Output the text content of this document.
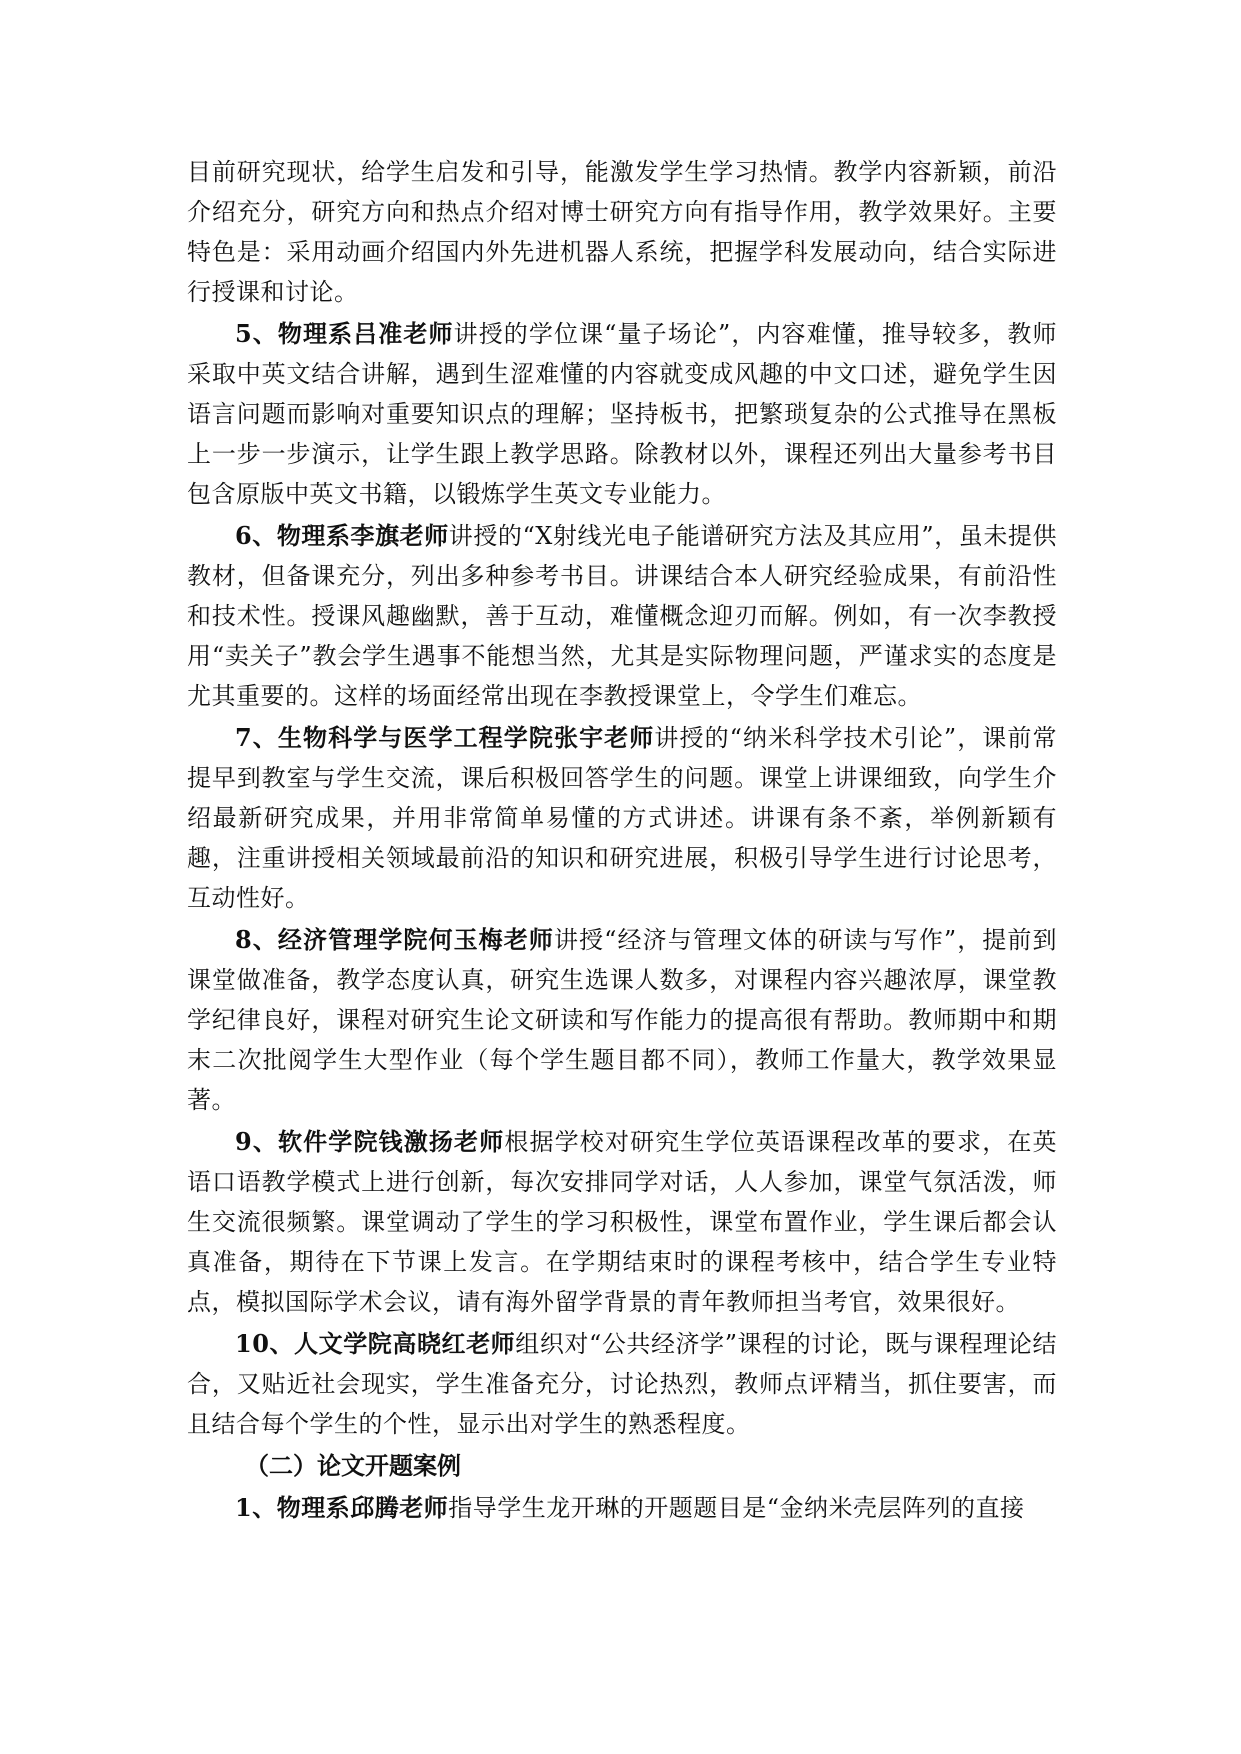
目前研究现状，给学生启发和引导，能激发学生学习热情。教学内容新颖，前沿介绍充分，研究方向和热点介绍对博士研究方向有指导作用，教学效果好。主要特色是：采用动画介绍国内外先进机器人系统，把握学科发展动向，结合实际进行授课和讨论。

5、物理系吕准老师讲授的学位课“量子场论”，内容难懂，推导较多，教师采取中英文结合讲解，遇到生涩难懂的内容就变成风趣的中文口述，避免学生因语言问题而影响对重要知识点的理解；坚持板书，把繁琐复杂的公式推导在黑板上一步一步演示，让学生跟上教学思路。除教材以外，课程还列出大量参考书目包含原版中英文书籍，以锻炼学生英文专业能力。

6、物理系李旗老师讲授的“X射线光电子能谱研究方法及其应用”，虽未提供教材，但备课充分，列出多种参考书目。讲课结合本人研究经验成果，有前沿性和技术性。授课风趣幽默，善于互动，难懂概念迎刃而解。例如，有一次李教授用“卖关子”教会学生遇事不能想当然，尤其是实际物理问题，严谨求实的态度是尤其重要的。这样的场面经常出现在李教授课堂上，令学生们难忘。

7、生物科学与医学工程学院张宇老师讲授的“纳米科学技术引论”，课前常提早到教室与学生交流，课后积极回答学生的问题。课堂上讲课细致，向学生介绍最新研究成果，并用非常简单易懂的方式讲述。讲课有条不紊，举例新颖有趣，注重讲授相关领域最前沿的知识和研究进展，积极引导学生进行讨论思考，互动性好。

8、经济管理学院何玉梅老师讲授“经济与管理文体的研读与写作”，提前到课堂做准备，教学态度认真，研究生选课人数多，对课程内容兴趣浓厚，课堂教学纪律良好，课程对研究生论文研读和写作能力的提高很有帮助。教师期中和期末二次批阅学生大型作业（每个学生题目都不同），教师工作量大，教学效果显著。

9、软件学院钱激扬老师根据学校对研究生学位英语课程改革的要求，在英语口语教学模式上进行创新，每次安排同学对话，人人参加，课堂气氛活泼，师生交流很频繁。课堂调动了学生的学习积极性，课堂布置作业，学生课后都会认真准备，期待在下节课上发言。在学期结束时的课程考核中，结合学生专业特点，模拟国际学术会议，请有海外留学背景的青年教师担当考官，效果很好。

10、人文学院高晓红老师组织对“公共经济学”课程的讨论，既与课程理论结合，又贴近社会现实，学生准备充分，讨论热烈，教师点评精当，抓住要害，而且结合每个学生的个性，显示出对学生的熟悉程度。

（二）论文开题案例

1、物理系邱腾老师指导学生龙开琳的开题题目是“金纳米壳层阵列的直接
